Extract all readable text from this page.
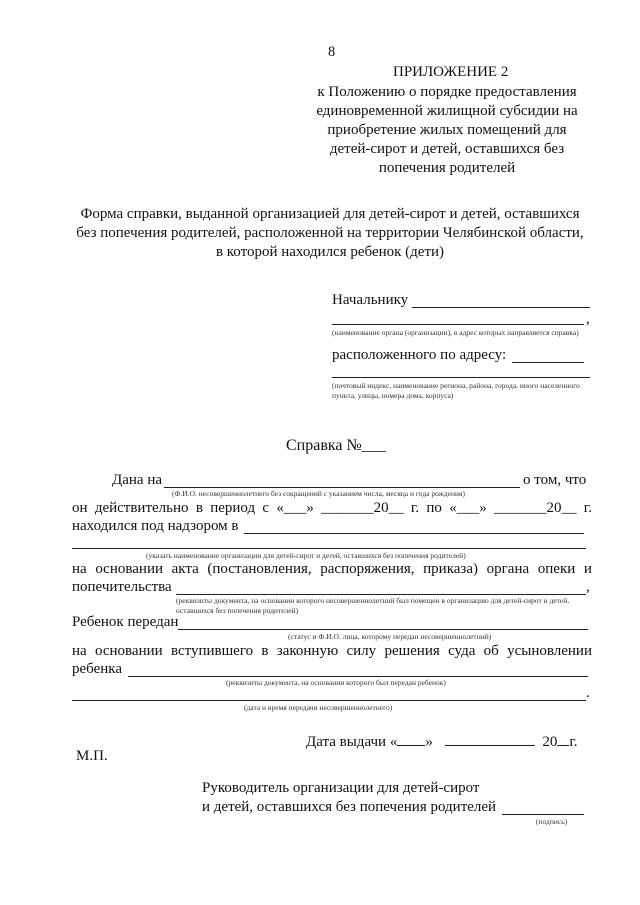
8
ПРИЛОЖЕНИЕ 2
к Положению о порядке предоставления
единовременной жилищной субсидии на
приобретение жилых помещений для
детей-сирот и детей, оставшихся без
попечения родителей
Форма справки, выданной организацией для детей-сирот и детей, оставшихся
без попечения родителей, расположенной на территории Челябинской области,
в которой находился ребенок (дети)
Начальнику
,
(наименование органа (организации), в адрес которых направляется справка)
расположенного по адресу:
(почтовый индекс, наименование региона, района, города, иного населенного пункта, улицы, номера дома, корпуса)
Справка №___
Дана на	о том, что
(Ф.И.О. несовершеннолетнего без сокращений с указанием числа, месяца и года рождения)
он действительно в период с «___» _______20__ г. по «___» _______20__ г.
находился под надзором в
(указать наименование организации для детей-сирот и детей, оставшихся без попечения родителей)
на основании акта (постановления, распоряжения, приказа) органа опеки и
попечительства	,
(реквизиты документа, на основании которого несовершеннолетний был помещен в организацию для детей-сирот и детей, оставшихся без попечения родителей)
Ребенок передан
(статус и Ф.И.О. лица, которому передан несовершеннолетний)
на основании вступившего в законную силу решения суда об усыновлении
ребенка
(реквизиты документа, на основании которого был передан ребенок)
.
(дата и время передачи несовершеннолетнего)
Дата выдачи « »	20 г.
М.П.
Руководитель организации для детей-сирот
и детей, оставшихся без попечения родителей
(подпись)
